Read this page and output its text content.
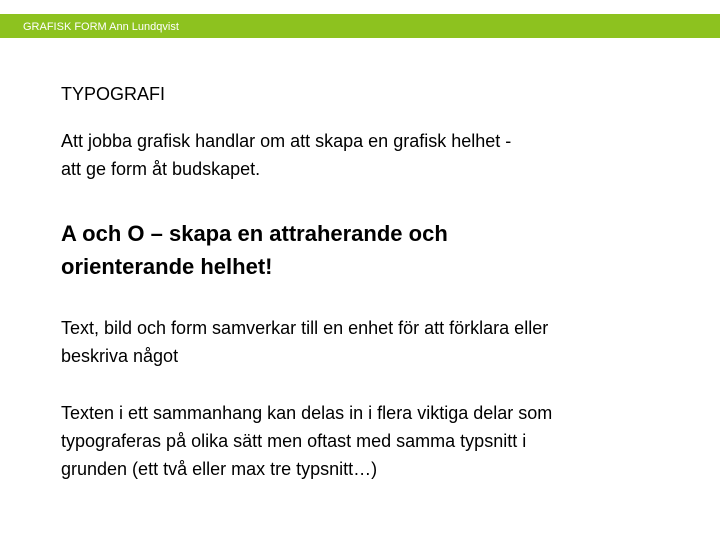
GRAFISK FORM Ann Lundqvist
TYPOGRAFI

Att jobba grafisk handlar om att skapa en grafisk helhet -
att ge form åt budskapet.

A och O – skapa en attraherande och
orienterande helhet!

Text, bild och form samverkar till en enhet för att förklara eller
beskriva något

Texten i ett sammanhang kan delas in i flera viktiga delar som
typograferas på olika sätt men oftast med samma typsnitt i
grunden (ett två eller max tre typsnitt…)
